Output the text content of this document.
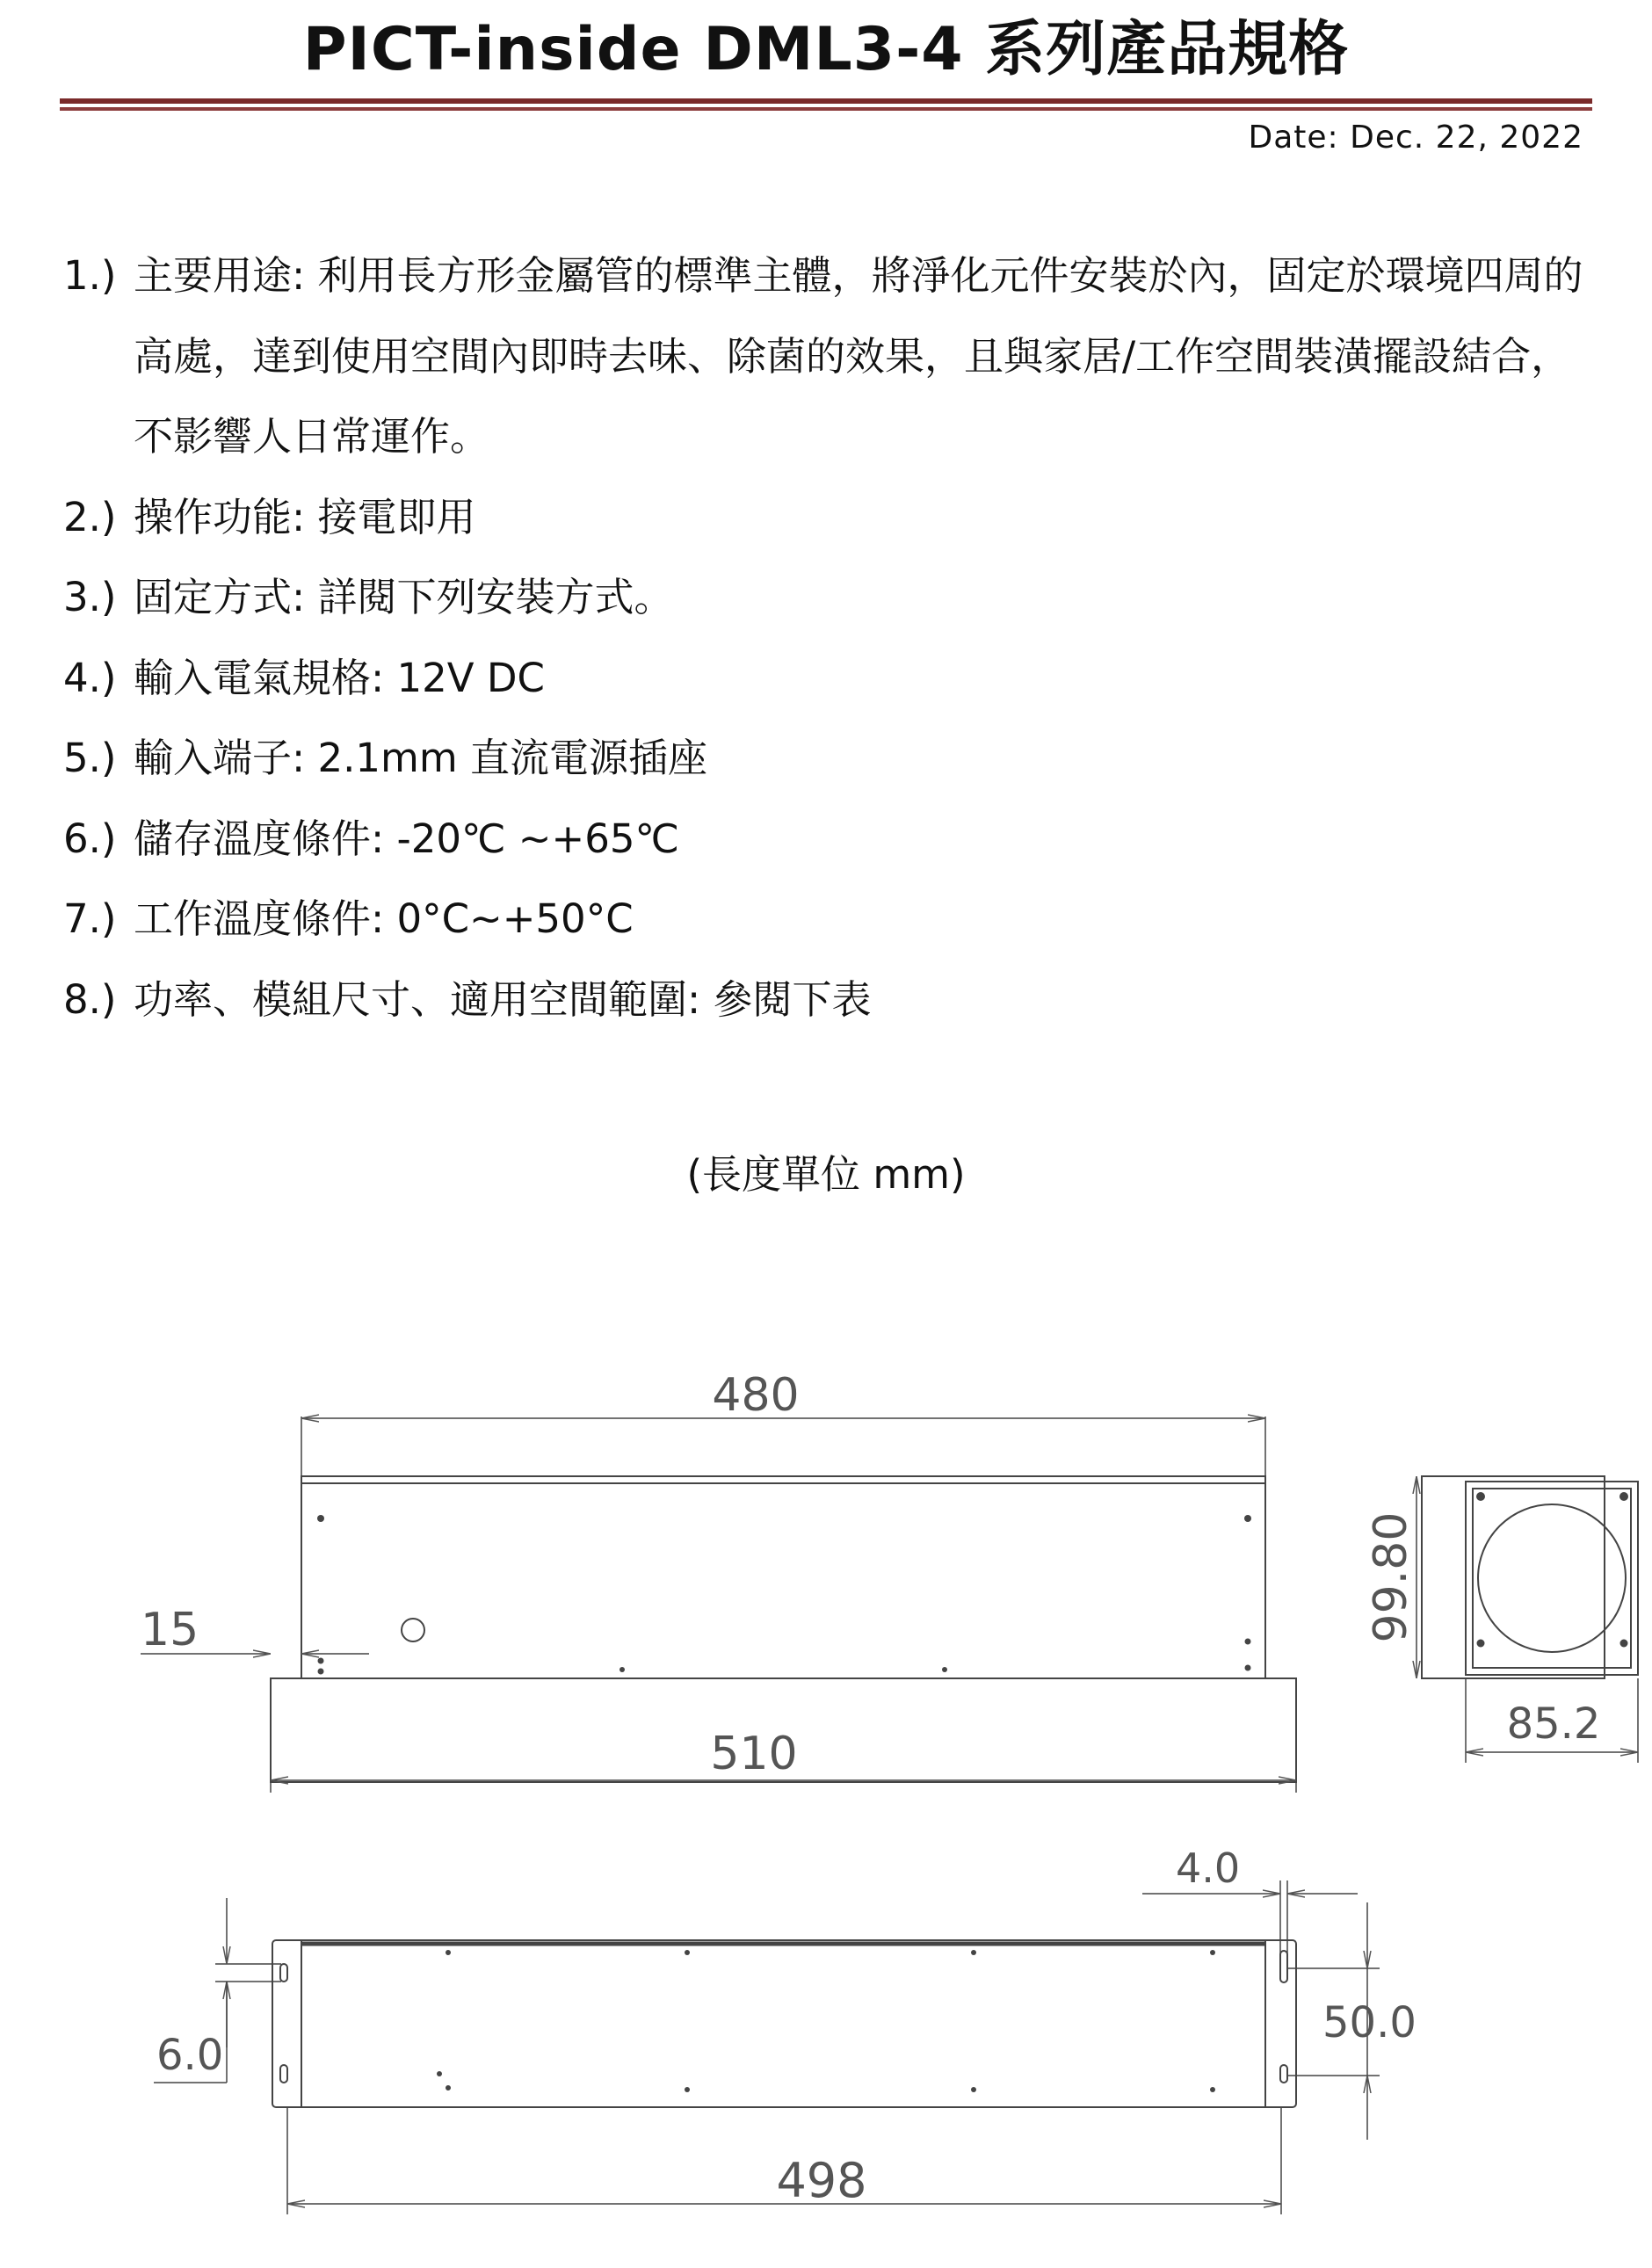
PICT-inside DML3-4 系列產品規格
Date: Dec. 22, 2022
1.) 主要用途: 利用長方形金屬管的標準主體，將淨化元件安裝於內，固定於環境四周的高處，達到使用空間內即時去味、除菌的效果，且與家居/工作空間裝潢擺設結合，不影響人日常運作。
2.) 操作功能: 接電即用
3.) 固定方式: 詳閱下列安裝方式。
4.) 輸入電氣規格: 12V DC
5.) 輸入端子: 2.1mm 直流電源插座
6.) 儲存溫度條件: -20℃ ~+65℃
7.) 工作溫度條件: 0°C~+50°C
8.) 功率、模組尺寸、適用空間範圍: 參閱下表
(長度單位 mm)
480
15
510
99.80
85.2
6.0
4.0
50.0
498
